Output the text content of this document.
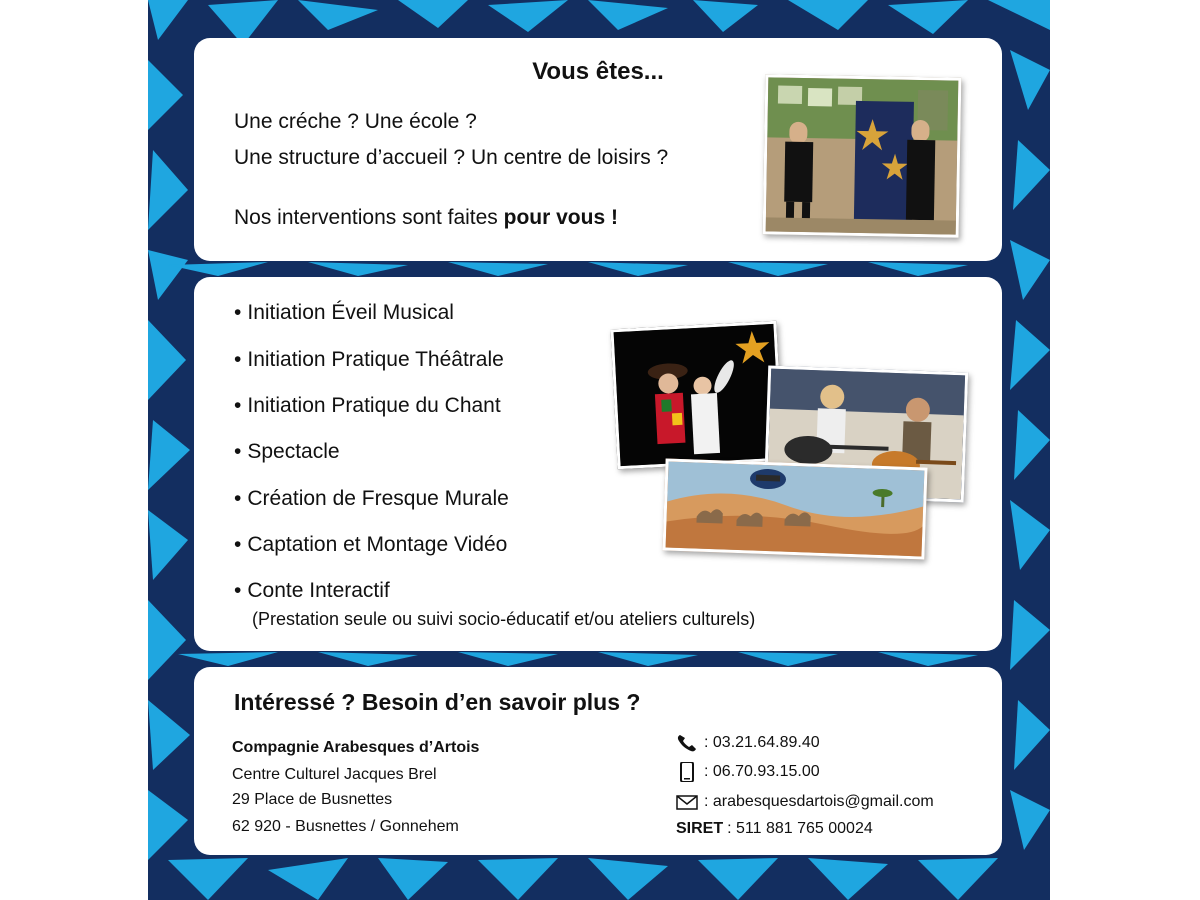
Vous êtes...
Une créche ? Une école ?
Une structure d’accueil ? Un centre de loisirs ?
Nos interventions sont faites pour vous !
• Initiation Éveil Musical
• Initiation Pratique Théâtrale
• Initiation Pratique du Chant
• Spectacle
• Création de Fresque Murale
• Captation et Montage Vidéo
• Conte Interactif
(Prestation seule ou suivi socio-éducatif et/ou ateliers culturels)
Intéressé ? Besoin d’en savoir plus ?
Compagnie Arabesques d’Artois
Centre Culturel Jacques Brel
29 Place de Busnettes
62 920 - Busnettes / Gonnehem
: 03.21.64.89.40
: 06.70.93.15.00
: arabesquesdartois@gmail.com
SIRET : 511 881 765 00024
